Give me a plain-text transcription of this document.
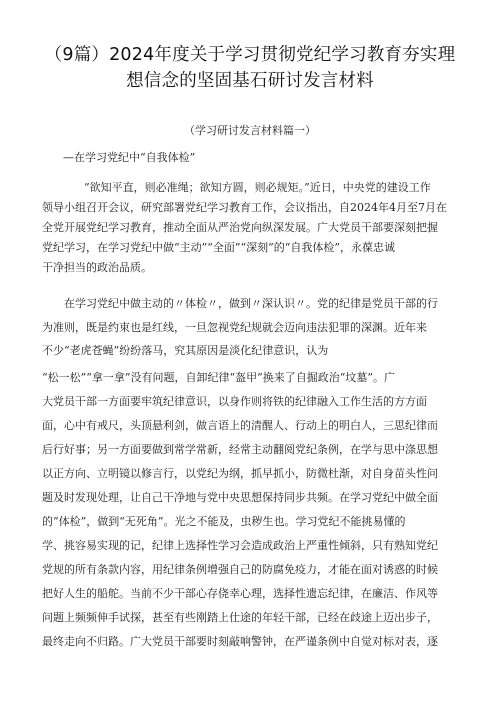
（9篇）2024年度关于学习贯彻党纪学习教育夯实理
想信念的坚固基石研讨发言材料
（学习研讨发言材料篇一）
—在学习党纪中“自我体检”
“欲知平直，则必准绳；欲知方圆，则必规矩。”近日，中央党的建设工作
领导小组召开会议，研究部署党纪学习教育工作，会议指出，自2024年4月至7月在
全党开展党纪学习教育，推动全面从严治党向纵深发展。广大党员干部要深刻把握
党纪学习，在学习党纪中做“主动”“全面”“深刻”的“自我体检”，永葆忠诚
干净担当的政治品质。
在学习党纪中做主动的〃体检〃，做到〃深认识〃。党的纪律是党员干部的行
为准则，既是约束也是红线，一旦忽视党纪规就会迈向违法犯罪的深渊。近年来
不少“老虎苍蝇”纷纷落马，究其原因是淡化纪律意识，认为
“松一松”“拿一拿”没有问题，自卸纪律“盔甲”换来了自掘政治“坟墓”。广
大党员干部一方面要牢筑纪律意识，以身作则将铁的纪律融入工作生活的方方面
面，心中有戒尺，头顶悬利剑，做言语上的清醒人、行动上的明白人，三思纪律而
后行好事；另一方面要做到常学常新，经常主动翻阅党纪条例，在学与思中涤思想
以正方向、立明镜以修言行，以党纪为纲，抓早抓小，防微杜渐，对自身苗头性问
题及时发现处理，让自己干净地与党中央思想保持同步共频。在学习党纪中做全面
的“体检”，做到“无死角”。光之不能及，虫秽生也。学习党纪不能挑易懂的
学、挑容易实现的记，纪律上选择性学习会造成政治上严重性倾斜，只有熟知党纪
党规的所有条款内容，用纪律条例增强自己的防腐免疫力，才能在面对诱惑的时候
把好人生的船舵。当前不少干部心存侥幸心理，选择性遗忘纪律，在廉洁、作风等
问题上频频伸手试探，甚至有些刚踏上仕途的年轻干部，已经在歧途上迈出步子，
最终走向不归路。广大党员干部要时刻敲响警钟，在严谨条例中自觉对标对表，逐
